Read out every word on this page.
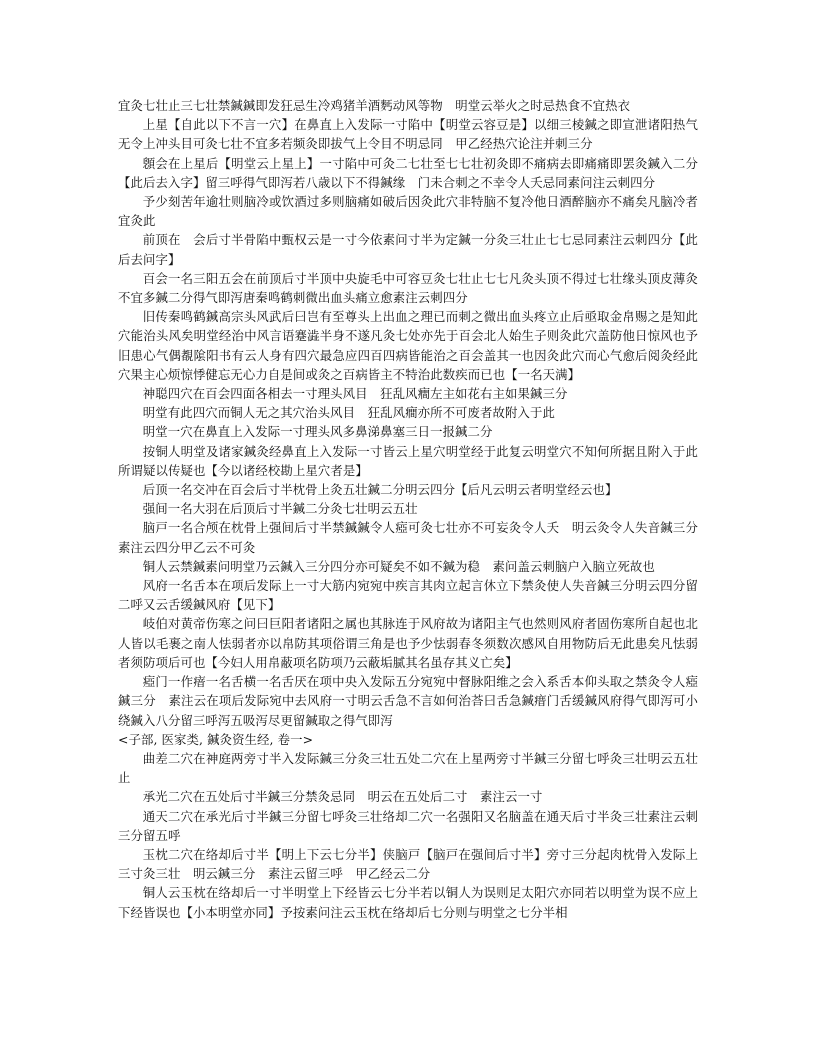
宜灸七壮止三七壮禁鍼鍼即发狂忌生冷鸡猪羊酒麫动风等物　明堂云举火之时忌热食不宜热衣

上星【自此以下不言一穴】在鼻直上入发际一寸陷中【明堂云容豆是】以细三棱鍼之即宣泄诸阳热气无令上冲头目可灸七壮不宜多若频灸即拔气上令目不明忌同　甲乙经热穴论注并刺三分

顖会在上星后【明堂云上星上】一寸陷中可灸二七壮至七七壮初灸即不痛病去即痛痛即罢灸鍼入二分【此后去入字】留三呼得气即泻若八歳以下不得鍼缘　门未合刺之不幸令人夭忌同素问注云刺四分

予少刻苦年逾壮则脑冷或饮酒过多则脑痛如破后因灸此穴非特脑不复冷他日酒醉脑亦不痛矣凡脑冷者宜灸此

前顶在　会后寸半骨陷中甄权云是一寸今依素问寸半为定鍼一分灸三壮止七七忌同素注云刺四分【此后去问字】

百会一名三阳五会在前顶后寸半顶中央旋毛中可容豆灸七壮止七七凡灸头顶不得过七壮缘头顶皮薄灸不宜多鍼二分得气即泻唐秦鸣鹤刺微出血头痛立愈素注云刺四分

旧传秦鸣鹤鍼高宗头风武后曰岂有至尊头上出血之理已而刺之微出血头疼立止后亟取金帛赐之是知此穴能治头风矣明堂经治中风言语蹇澁半身不遂凡灸七处亦先于百会北人始生子则灸此穴盖防他日惊风也予旧患心气偶覩隂阳书有云人身有四穴最急应四百四病皆能治之百会盖其一也因灸此穴而心气愈后阅灸经此穴果主心烦惊悸健忘无心力自是间或灸之百病皆主不特治此数疾而已也【一名天满】

神聪四穴在百会四面各相去一寸理头风目　狂乱风癎左主如花右主如果鍼三分

明堂有此四穴而铜人无之其穴治头风目　狂乱风癎亦所不可废者故附入于此

明堂一穴在鼻直上入发际一寸理头风多鼻涕鼻塞三日一报鍼二分

按铜人明堂及诸家鍼灸经鼻直上入发际一寸皆云上星穴明堂经于此复云明堂穴不知何所据且附入于此所谓疑以传疑也【今以诸经校勘上星穴者是】

后顶一名交冲在百会后寸半枕骨上灸五壮鍼二分明云四分【后凡云明云者明堂经云也】

强间一名大羽在后顶后寸半鍼二分灸七壮明云五壮

脑戸一名合颅在枕骨上强间后寸半禁鍼鍼令人瘂可灸七壮亦不可妄灸令人夭　明云灸令人失音鍼三分　素注云四分甲乙云不可灸

铜人云禁鍼素问明堂乃云鍼入三分四分亦可疑矣不如不鍼为稳　素问盖云刺脑户入脑立死故也

风府一名舌本在项后发际上一寸大筋内宛宛中疾言其肉立起言休立下禁灸使人失音鍼三分明云四分留二呼又云舌缓鍼风府【见下】

岐伯对黄帝伤寒之问曰巨阳者诸阳之属也其脉连于风府故为诸阳主气也然则风府者固伤寒所自起也北人皆以毛裹之南人怯弱者亦以帛防其项俗谓三角是也予少怯弱春冬须数次感风自用物防后无此患矣凡怯弱者须防项后可也【今妇人用帛蔽项名防项乃云蔽垢腻其名虽存其义亡矣】

瘂门一作瘖一名舌横一名舌厌在项中央入发际五分宛宛中督脉阳维之会入系舌本仰头取之禁灸令人瘂鍼三分　素注云在项后发际宛中去风府一寸明云舌急不言如何治荅曰舌急鍼瘄门舌缓鍼风府得气即泻可小绕鍼入八分留三呼泻五吸泻尽更留鍼取之得气即泻

<子部, 医家类, 鍼灸资生经, 卷一>

曲差二穴在神庭两旁寸半入发际鍼三分灸三壮五处二穴在上星两旁寸半鍼三分留七呼灸三壮明云五壮止

承光二穴在五处后寸半鍼三分禁灸忌同　明云在五处后二寸　素注云一寸

通天二穴在承光后寸半鍼三分留七呼灸三壮络却二穴一名强阳又名脑盖在通天后寸半灸三壮素注云刺三分留五呼

玉枕二穴在络却后寸半【明上下云七分半】侠脑戸【脑戸在强间后寸半】旁寸三分起肉枕骨入发际上三寸灸三壮　明云鍼三分　素注云留三呼　甲乙经云二分

铜人云玉枕在络却后一寸半明堂上下经皆云七分半若以铜人为误则足太阳穴亦同若以明堂为误不应上下经皆误也【小本明堂亦同】予按素问注云玉枕在络却后七分则与明堂之七分半相
